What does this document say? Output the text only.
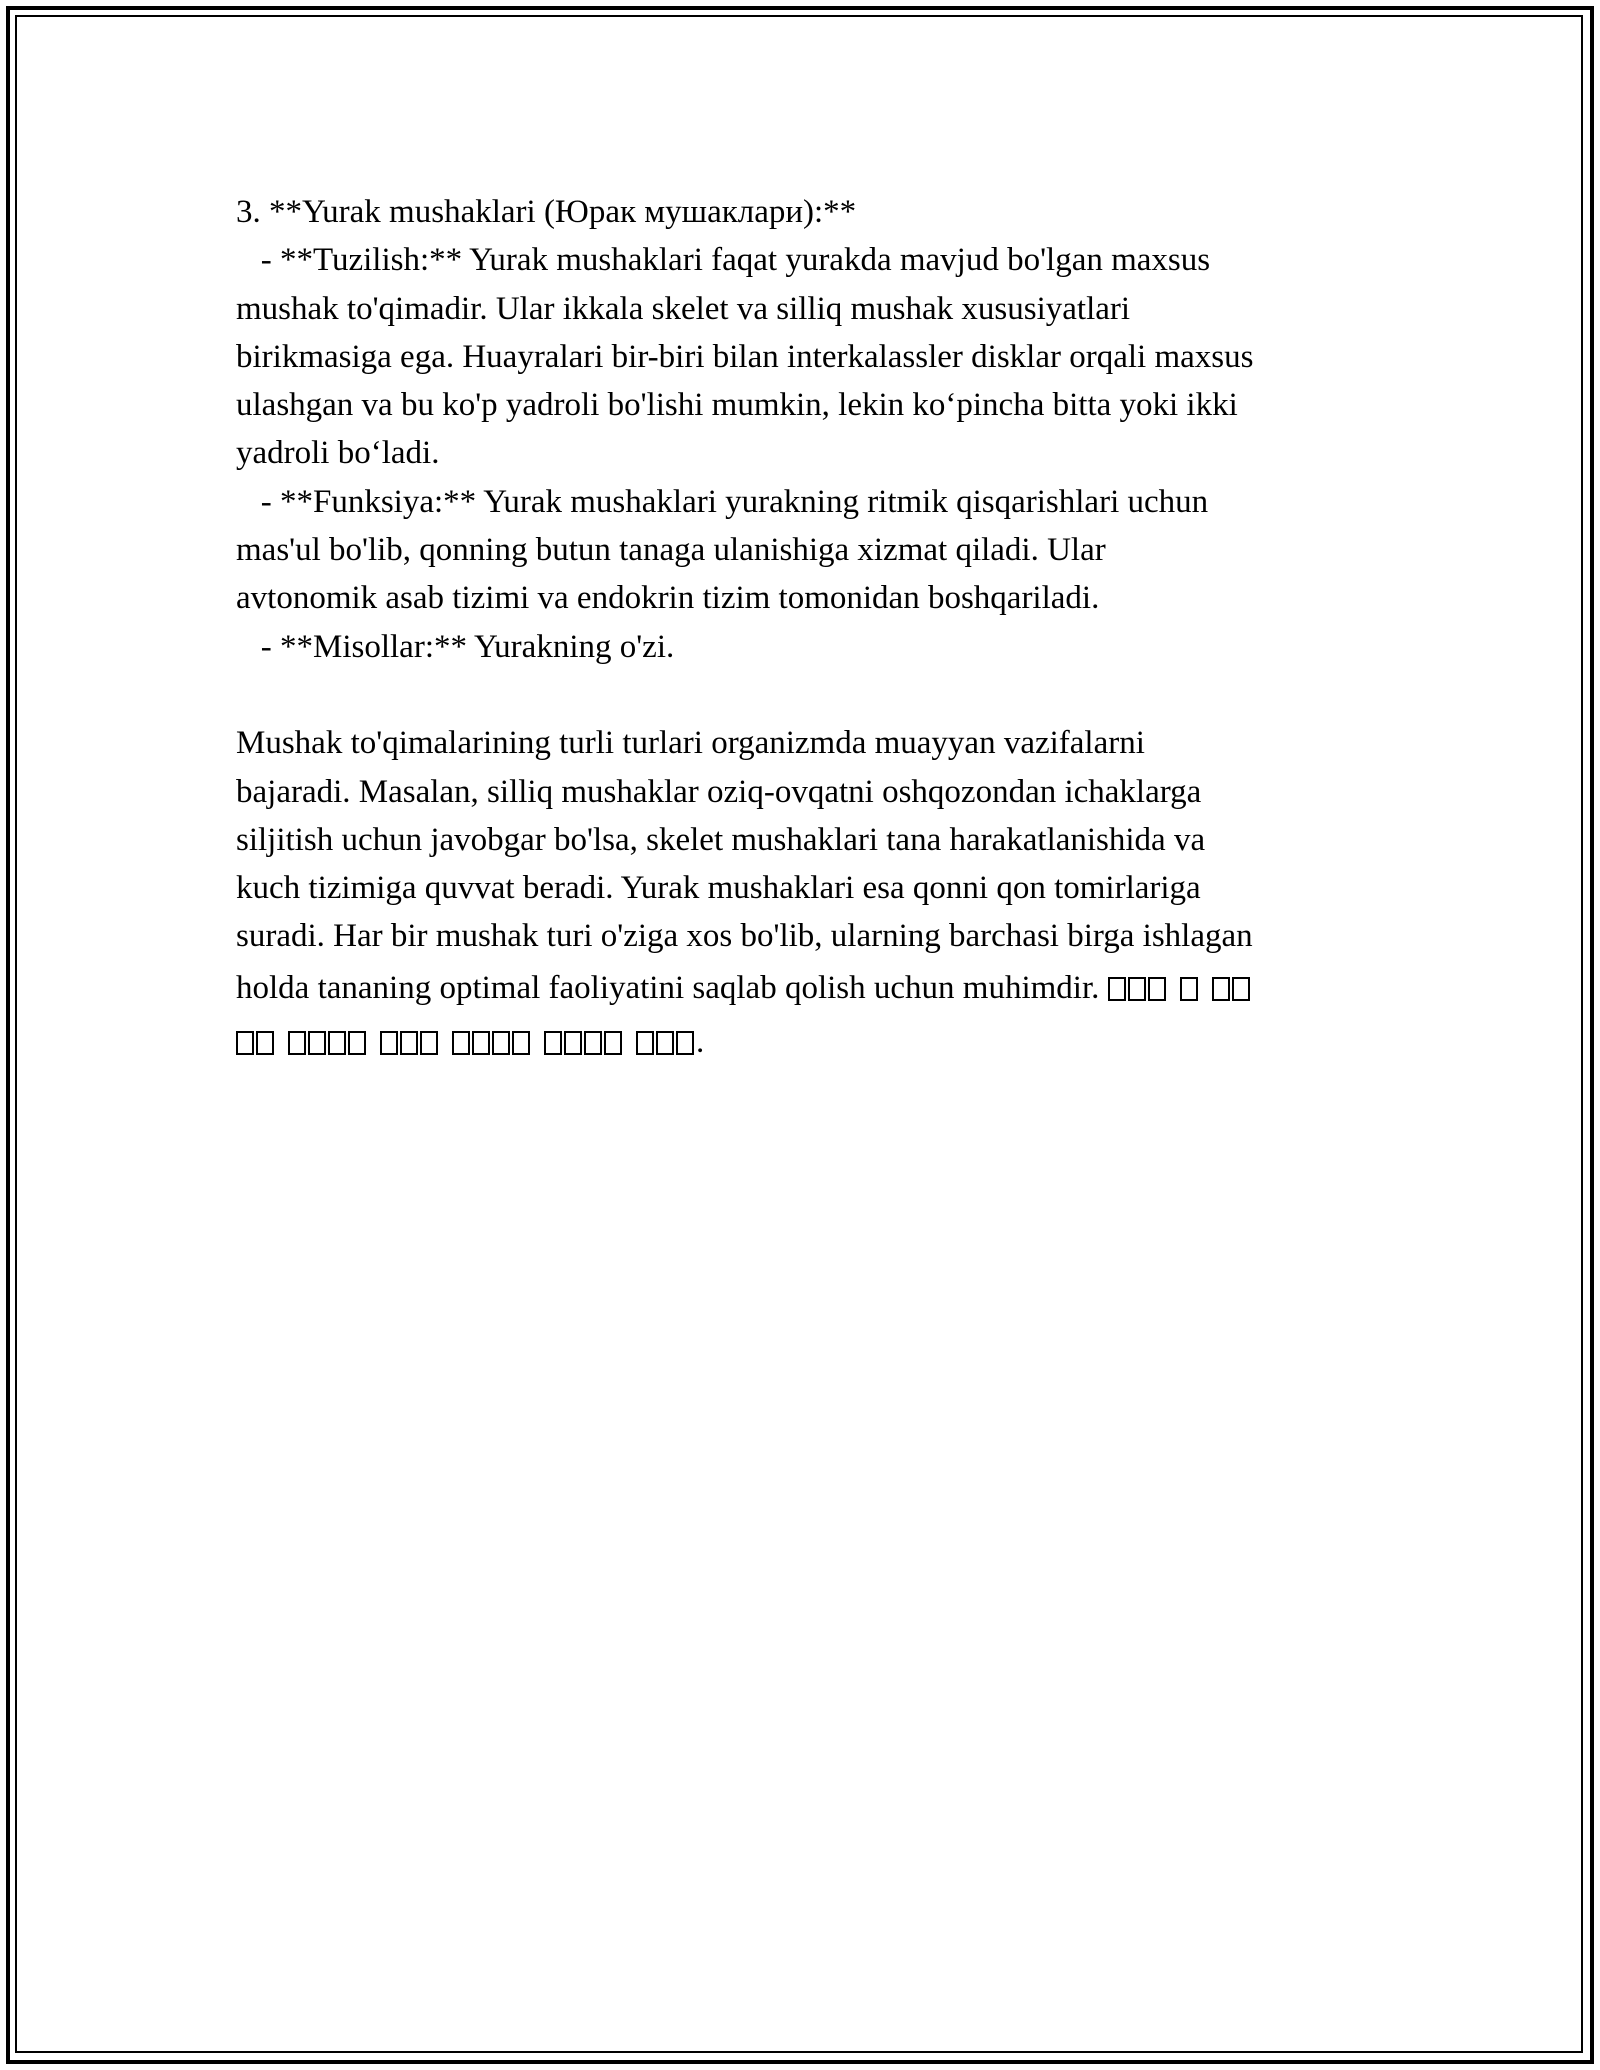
3. **Yurak mushaklari (Юрак мушаклари):**
- **Tuzilish:** Yurak mushaklari faqat yurakda mavjud bo'lgan maxsus
mushak to'qimadir. Ular ikkala skelet va silliq mushak xususiyatlari
birikmasiga ega. Huayralari bir-biri bilan interkalassler disklar orqali maxsus
ulashgan va bu ko'p yadroli bo'lishi mumkin, lekin ko‘pincha bitta yoki ikki
yadroli bo‘ladi.
- **Funksiya:** Yurak mushaklari yurakning ritmik qisqarishlari uchun
mas'ul bo'lib, qonning butun tanaga ulanishiga xizmat qiladi. Ular
avtonomik asab tizimi va endokrin tizim tomonidan boshqariladi.
- **Misollar:** Yurakning o'zi.
Mushak to'qimalarining turli turlari organizmda muayyan vazifalarni
bajaradi. Masalan, silliq mushaklar oziq-ovqatni oshqozondan ichaklarga
siljitish uchun javobgar bo'lsa, skelet mushaklari tana harakatlanishida va
kuch tizimiga quvvat beradi. Yurak mushaklari esa qonni qon tomirlariga
suradi. Har bir mushak turi o'ziga xos bo'lib, ularning barchasi birga ishlagan
holda tananing optimal faoliyatini saqlab qolish uchun muhimdir.
.
